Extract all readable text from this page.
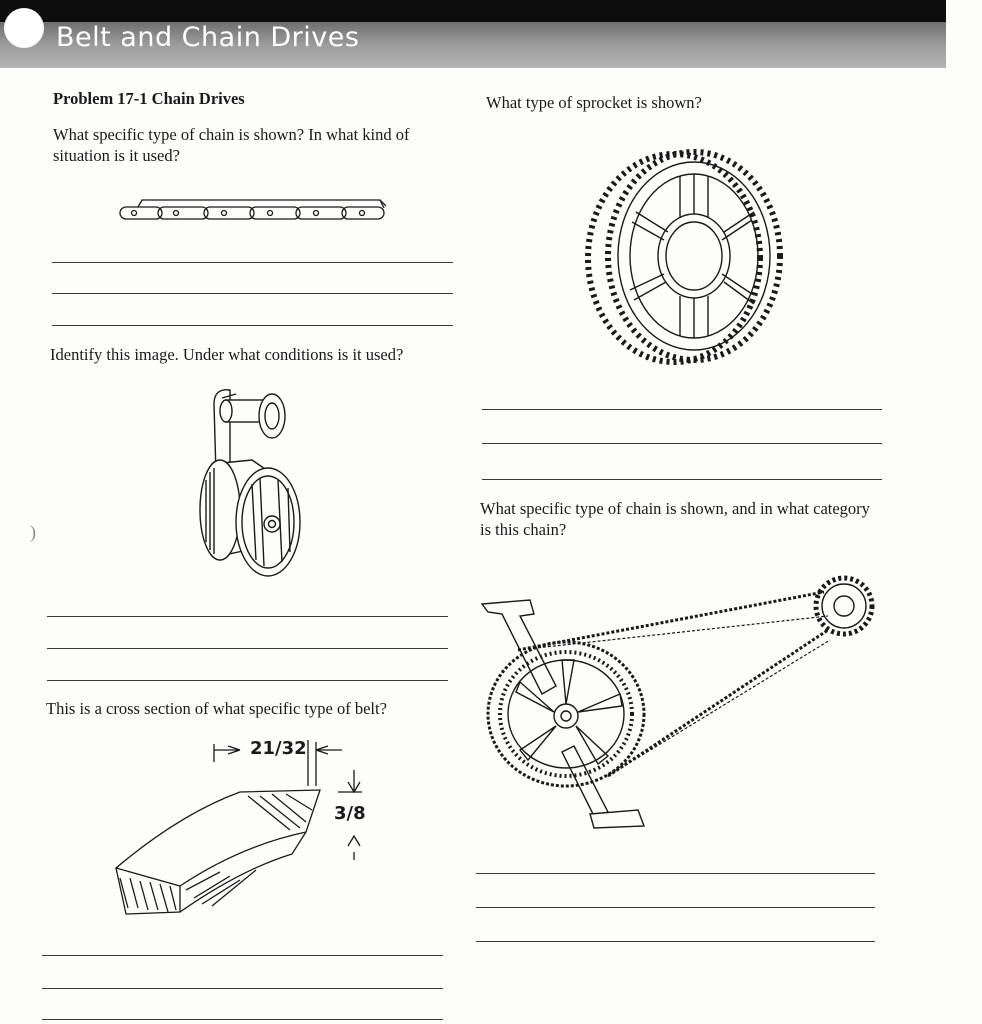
Belt and Chain Drives

Problem 17-1 Chain Drives

What specific type of chain is shown? In what kind of situation is it used?

Identify this image. Under what conditions is it used?

This is a cross section of what specific type of belt?

21/32
3/8
)

What type of sprocket is shown?

What specific type of chain is shown, and in what category is this chain?
